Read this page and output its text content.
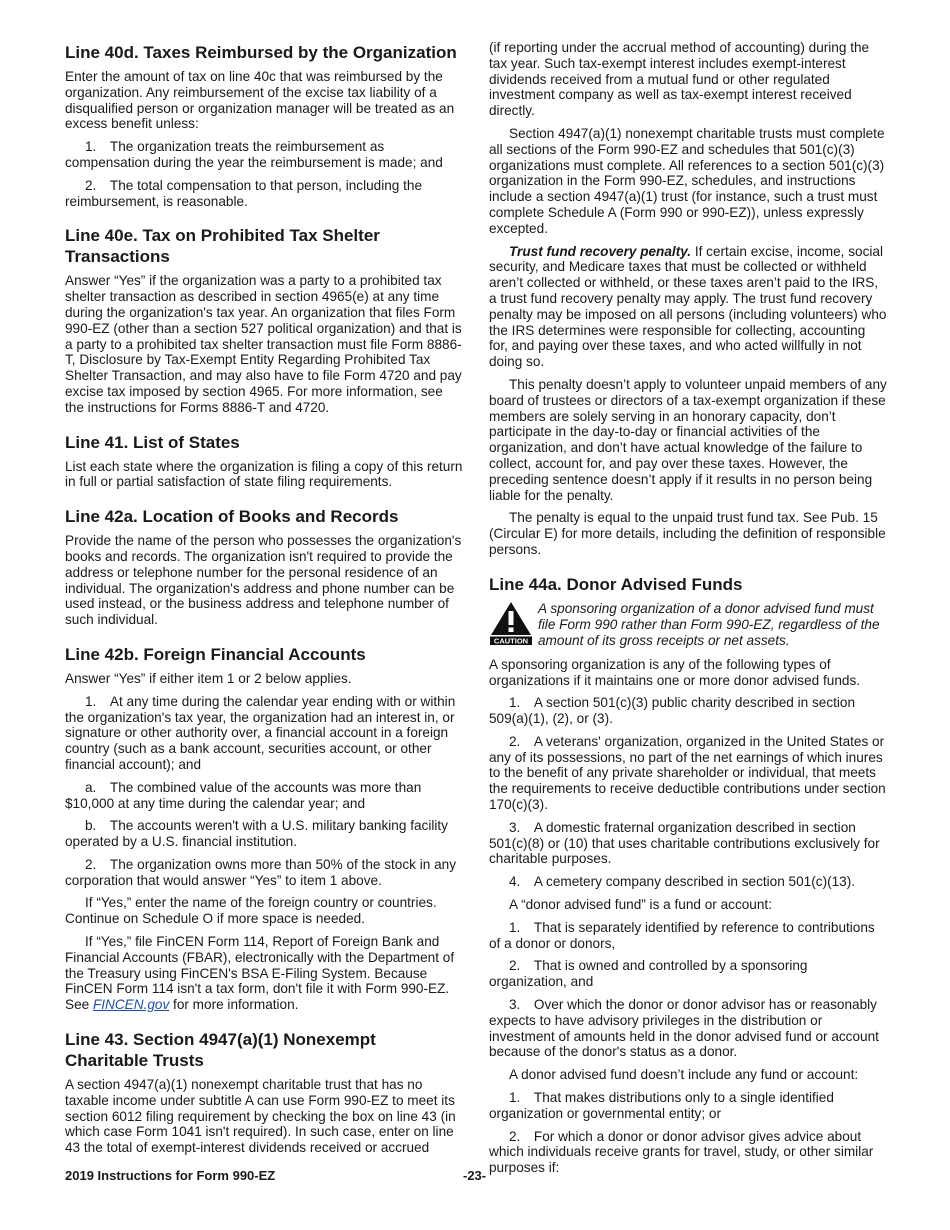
Line 40d. Taxes Reimbursed by the Organization

Enter the amount of tax on line 40c that was reimbursed by the organization. Any reimbursement of the excise tax liability of a disqualified person or organization manager will be treated as an excess benefit unless:

1. The organization treats the reimbursement as compensation during the year the reimbursement is made; and

2. The total compensation to that person, including the reimbursement, is reasonable.

Line 40e. Tax on Prohibited Tax Shelter Transactions

Answer “Yes” if the organization was a party to a prohibited tax shelter transaction as described in section 4965(e) at any time during the organization's tax year. An organization that files Form 990-EZ (other than a section 527 political organization) and that is a party to a prohibited tax shelter transaction must file Form 8886-T, Disclosure by Tax-Exempt Entity Regarding Prohibited Tax Shelter Transaction, and may also have to file Form 4720 and pay excise tax imposed by section 4965. For more information, see the instructions for Forms 8886-T and 4720.

Line 41. List of States

List each state where the organization is filing a copy of this return in full or partial satisfaction of state filing requirements.

Line 42a. Location of Books and Records

Provide the name of the person who possesses the organization's books and records. The organization isn't required to provide the address or telephone number for the personal residence of an individual. The organization's address and phone number can be used instead, or the business address and telephone number of such individual.

Line 42b. Foreign Financial Accounts

Answer “Yes” if either item 1 or 2 below applies.

1. At any time during the calendar year ending with or within the organization's tax year, the organization had an interest in, or signature or other authority over, a financial account in a foreign country (such as a bank account, securities account, or other financial account); and

a. The combined value of the accounts was more than $10,000 at any time during the calendar year; and

b. The accounts weren't with a U.S. military banking facility operated by a U.S. financial institution.

2. The organization owns more than 50% of the stock in any corporation that would answer “Yes” to item 1 above.

If “Yes,” enter the name of the foreign country or countries. Continue on Schedule O if more space is needed.

If “Yes,” file FinCEN Form 114, Report of Foreign Bank and Financial Accounts (FBAR), electronically with the Department of the Treasury using FinCEN's BSA E-Filing System. Because FinCEN Form 114 isn't a tax form, don't file it with Form 990-EZ. See FINCEN.gov for more information.

Line 43. Section 4947(a)(1) Nonexempt Charitable Trusts

A section 4947(a)(1) nonexempt charitable trust that has no taxable income under subtitle A can use Form 990-EZ to meet its section 6012 filing requirement by checking the box on line 43 (in which case Form 1041 isn't required). In such case, enter on line 43 the total of exempt-interest dividends received or accrued

(if reporting under the accrual method of accounting) during the tax year. Such tax-exempt interest includes exempt-interest dividends received from a mutual fund or other regulated investment company as well as tax-exempt interest received directly.

Section 4947(a)(1) nonexempt charitable trusts must complete all sections of the Form 990-EZ and schedules that 501(c)(3) organizations must complete. All references to a section 501(c)(3) organization in the Form 990-EZ, schedules, and instructions include a section 4947(a)(1) trust (for instance, such a trust must complete Schedule A (Form 990 or 990-EZ)), unless expressly excepted.

Trust fund recovery penalty. If certain excise, income, social security, and Medicare taxes that must be collected or withheld aren’t collected or withheld, or these taxes aren’t paid to the IRS, a trust fund recovery penalty may apply. The trust fund recovery penalty may be imposed on all persons (including volunteers) who the IRS determines were responsible for collecting, accounting for, and paying over these taxes, and who acted willfully in not doing so.

This penalty doesn’t apply to volunteer unpaid members of any board of trustees or directors of a tax-exempt organization if these members are solely serving in an honorary capacity, don’t participate in the day-to-day or financial activities of the organization, and don’t have actual knowledge of the failure to collect, account for, and pay over these taxes. However, the preceding sentence doesn’t apply if it results in no person being liable for the penalty.

The penalty is equal to the unpaid trust fund tax. See Pub. 15 (Circular E) for more details, including the definition of responsible persons.

Line 44a. Donor Advised Funds
CAUTION
A sponsoring organization of a donor advised fund must file Form 990 rather than Form 990-EZ, regardless of the amount of its gross receipts or net assets.

A sponsoring organization is any of the following types of organizations if it maintains one or more donor advised funds.

1. A section 501(c)(3) public charity described in section 509(a)(1), (2), or (3).

2. A veterans' organization, organized in the United States or any of its possessions, no part of the net earnings of which inures to the benefit of any private shareholder or individual, that meets the requirements to receive deductible contributions under section 170(c)(3).

3. A domestic fraternal organization described in section 501(c)(8) or (10) that uses charitable contributions exclusively for charitable purposes.

4. A cemetery company described in section 501(c)(13).

A “donor advised fund” is a fund or account:

1. That is separately identified by reference to contributions of a donor or donors,

2. That is owned and controlled by a sponsoring organization, and

3. Over which the donor or donor advisor has or reasonably expects to have advisory privileges in the distribution or investment of amounts held in the donor advised fund or account because of the donor's status as a donor.

A donor advised fund doesn’t include any fund or account:

1. That makes distributions only to a single identified organization or governmental entity; or

2. For which a donor or donor advisor gives advice about which individuals receive grants for travel, study, or other similar purposes if:

2019 Instructions for Form 990-EZ	-23-
